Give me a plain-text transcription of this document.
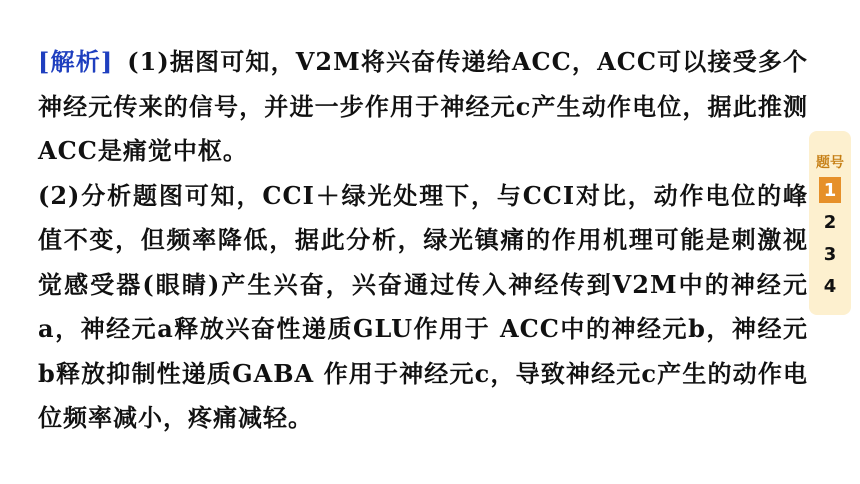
[解析] (1)据图可知，V2M将兴奋传递给ACC，ACC可以接受多个神经元传来的信号，并进一步作用于神经元c产生动作电位，据此推测ACC是痛觉中枢。

(2)分析题图可知，CCI＋绿光处理下，与CCI对比，动作电位的峰值不变，但频率降低，据此分析，绿光镇痛的作用机理可能是刺激视觉感受器(眼睛)产生兴奋，兴奋通过传入神经传到V2M中的神经元a，神经元a释放兴奋性递质GLU作用于 ACC中的神经元b，神经元 b释放抑制性递质GABA 作用于神经元c，导致神经元c产生的动作电位频率减小，疼痛减轻。

题号
1
2
3
4
